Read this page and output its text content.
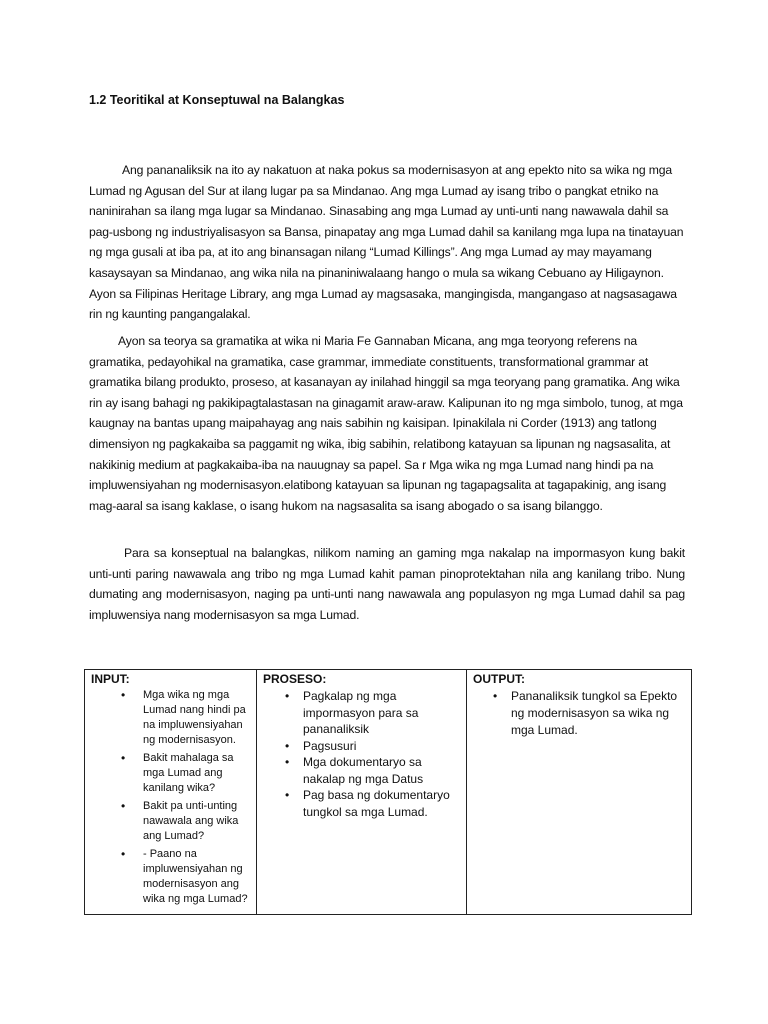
1.2 Teoritikal at Konseptuwal na Balangkas

Ang pananaliksik na ito ay nakatuon at naka pokus sa modernisasyon at ang epekto nito sa wika ng mga Lumad ng Agusan del Sur at ilang lugar pa sa Mindanao. Ang mga Lumad ay isang tribo o pangkat etniko na naninirahan sa ilang mga lugar sa Mindanao. Sinasabing ang mga Lumad ay unti-unti nang nawawala dahil sa pag-usbong ng industriyalisasyon sa Bansa, pinapatay ang mga Lumad dahil sa kanilang mga lupa na tinatayuan ng mga gusali at iba pa, at ito ang binansagan nilang “Lumad Killings”. Ang mga Lumad ay may mayamang kasaysayan sa Mindanao, ang wika nila na pinaniniwalaang hango o mula sa wikang Cebuano ay Hiligaynon. Ayon sa Filipinas Heritage Library, ang mga Lumad ay magsasaka, mangingisda, mangangaso at nagsasagawa rin ng kaunting pangangalakal.

Ayon sa teorya sa gramatika at wika ni Maria Fe Gannaban Micana, ang mga teoryong referens na gramatika, pedayohikal na gramatika, case grammar, immediate constituents, transformational grammar at gramatika bilang produkto, proseso, at kasanayan ay inilahad hinggil sa mga teoryang pang gramatika. Ang wika rin ay isang bahagi ng pakikipagtalastasan na ginagamit araw-araw. Kalipunan ito ng mga simbolo, tunog, at mga kaugnay na bantas upang maipahayag ang nais sabihin ng kaisipan. Ipinakilala ni Corder (1913) ang tatlong dimensiyon ng pagkakaiba sa paggamit ng wika, ibig sabihin, relatibong katayuan sa lipunan ng nagsasalita, at nakikinig medium at pagkakaiba-iba na nauugnay sa papel. Sa r Mga wika ng mga Lumad nang hindi pa na impluwensiyahan ng modernisasyon.elatibong katayuan sa lipunan ng tagapagsalita at tagapakinig, ang isang mag-aaral sa isang kaklase, o isang hukom na nagsasalita sa isang abogado o sa isang bilanggo.

Para sa konseptual na balangkas, nilikom naming an gaming mga nakalap na impormasyon kung bakit unti-unti paring nawawala ang tribo ng mga Lumad kahit paman pinoprotektahan nila ang kanilang tribo. Nung dumating ang modernisasyon, naging pa unti-unti nang nawawala ang populasyon ng mga Lumad dahil sa pag impluwensiya nang modernisasyon sa mga Lumad.

INPUT:
• Mga wika ng mga Lumad nang hindi pa na impluwensiyahan ng modernisasyon.
• Bakit mahalaga sa mga Lumad ang kanilang wika?
• Bakit pa unti-unting nawawala ang wika ang Lumad?
• - Paano na impluwensiyahan ng modernisasyon ang wika ng mga Lumad?

PROSESO:
• Pagkalap ng mga impormasyon para sa pananaliksik
• Pagsusuri
• Mga dokumentaryo sa nakalap ng mga Datus
• Pag basa ng dokumentaryo tungkol sa mga Lumad.

OUTPUT:
• Pananaliksik tungkol sa Epekto ng modernisasyon sa wika ng mga Lumad.
